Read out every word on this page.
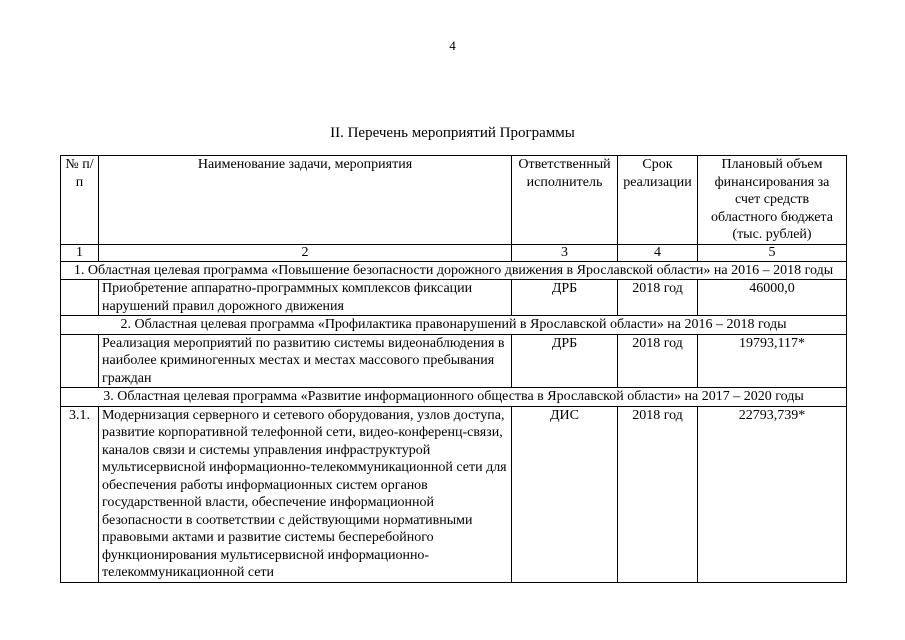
4
II. Перечень мероприятий Программы
№ п/п	Наименование задачи, мероприятия	Ответственный исполнитель	Срок реализации	Плановый объем финансирования за счет средств областного бюджета (тыс. рублей)
1	2	3	4	5
1. Областная целевая программа «Повышение безопасности дорожного движения в Ярославской области» на 2016 – 2018 годы				
	Приобретение аппаратно-программных комплексов фиксации нарушений правил дорожного движения	ДРБ	2018 год	46000,0
2. Областная целевая программа «Профилактика правонарушений в Ярославской области» на 2016 – 2018 годы				
	Реализация мероприятий по развитию системы видеонаблюдения в наиболее криминогенных местах и местах массового пребывания граждан	ДРБ	2018 год	19793,117*
3. Областная целевая программа «Развитие информационного общества в Ярославской области» на 2017 – 2020 годы				
3.1.	Модернизация серверного и сетевого оборудования, узлов доступа, развитие корпоративной телефонной сети, видео-конференц-связи, каналов связи и системы управления инфраструктурой мультисервисной информационно-телекоммуникационной сети для обеспечения работы информационных систем органов государственной власти, обеспечение информационной безопасности в соответствии с действующими нормативными правовыми актами и развитие системы бесперебойного функционирования мультисервисной информационно-телекоммуникационной сети	ДИС	2018 год	22793,739*
